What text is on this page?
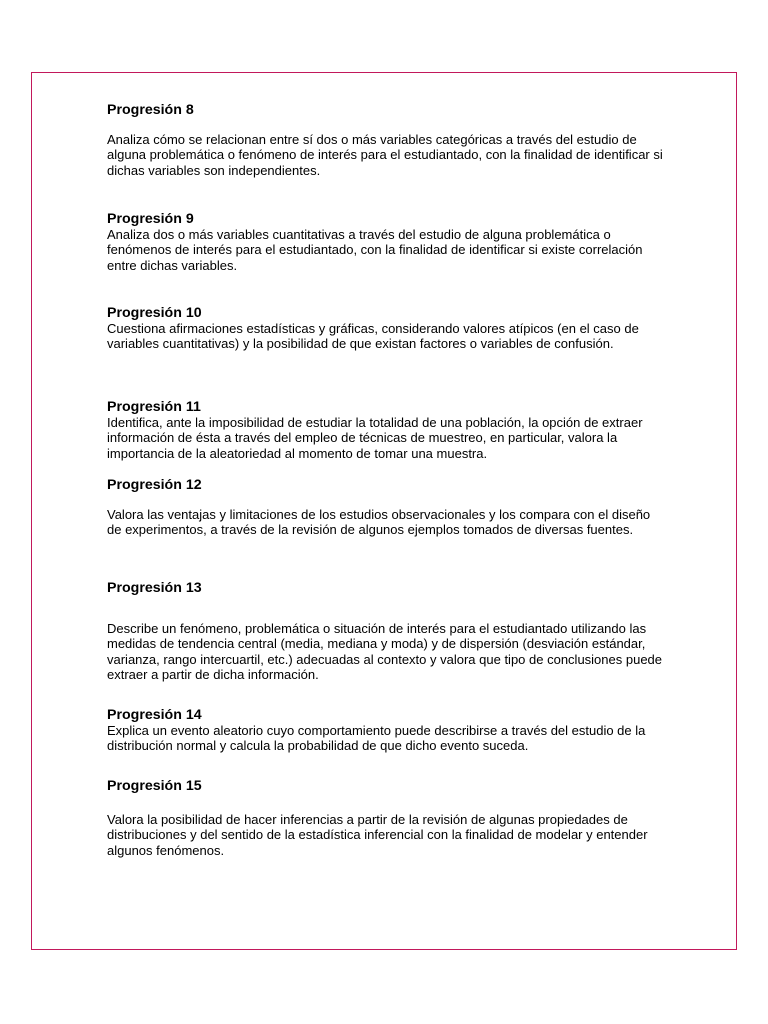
Progresión 8

Analiza cómo se relacionan entre sí dos o más variables categóricas a través del estudio de alguna problemática o fenómeno de interés para el estudiantado, con la finalidad de identificar si dichas variables son independientes.

Progresión 9

Analiza dos o más variables cuantitativas a través del estudio de alguna problemática o fenómenos de interés para el estudiantado, con la finalidad de identificar si existe correlación entre dichas variables.

Progresión 10

Cuestiona afirmaciones estadísticas y gráficas, considerando valores atípicos (en el caso de variables cuantitativas) y la posibilidad de que existan factores o variables de confusión.

Progresión 11

Identifica, ante la imposibilidad de estudiar la totalidad de una población, la opción de extraer información de ésta a través del empleo de técnicas de muestreo, en particular, valora la importancia de la aleatoriedad al momento de tomar una muestra.

Progresión 12

Valora las ventajas y limitaciones de los estudios observacionales y los compara con el diseño de experimentos, a través de la revisión de algunos ejemplos tomados de diversas fuentes.

Progresión 13

Describe un fenómeno, problemática o situación de interés para el estudiantado utilizando las medidas de tendencia central (media, mediana y moda) y de dispersión (desviación estándar, varianza, rango intercuartil, etc.) adecuadas al contexto y valora que tipo de conclusiones puede extraer a partir de dicha información.

Progresión 14

Explica un evento aleatorio cuyo comportamiento puede describirse a través del estudio de la distribución normal y calcula la probabilidad de que dicho evento suceda.

Progresión 15

Valora la posibilidad de hacer inferencias a partir de la revisión de algunas propiedades de distribuciones y del sentido de la estadística inferencial con la finalidad de modelar y entender algunos fenómenos.
